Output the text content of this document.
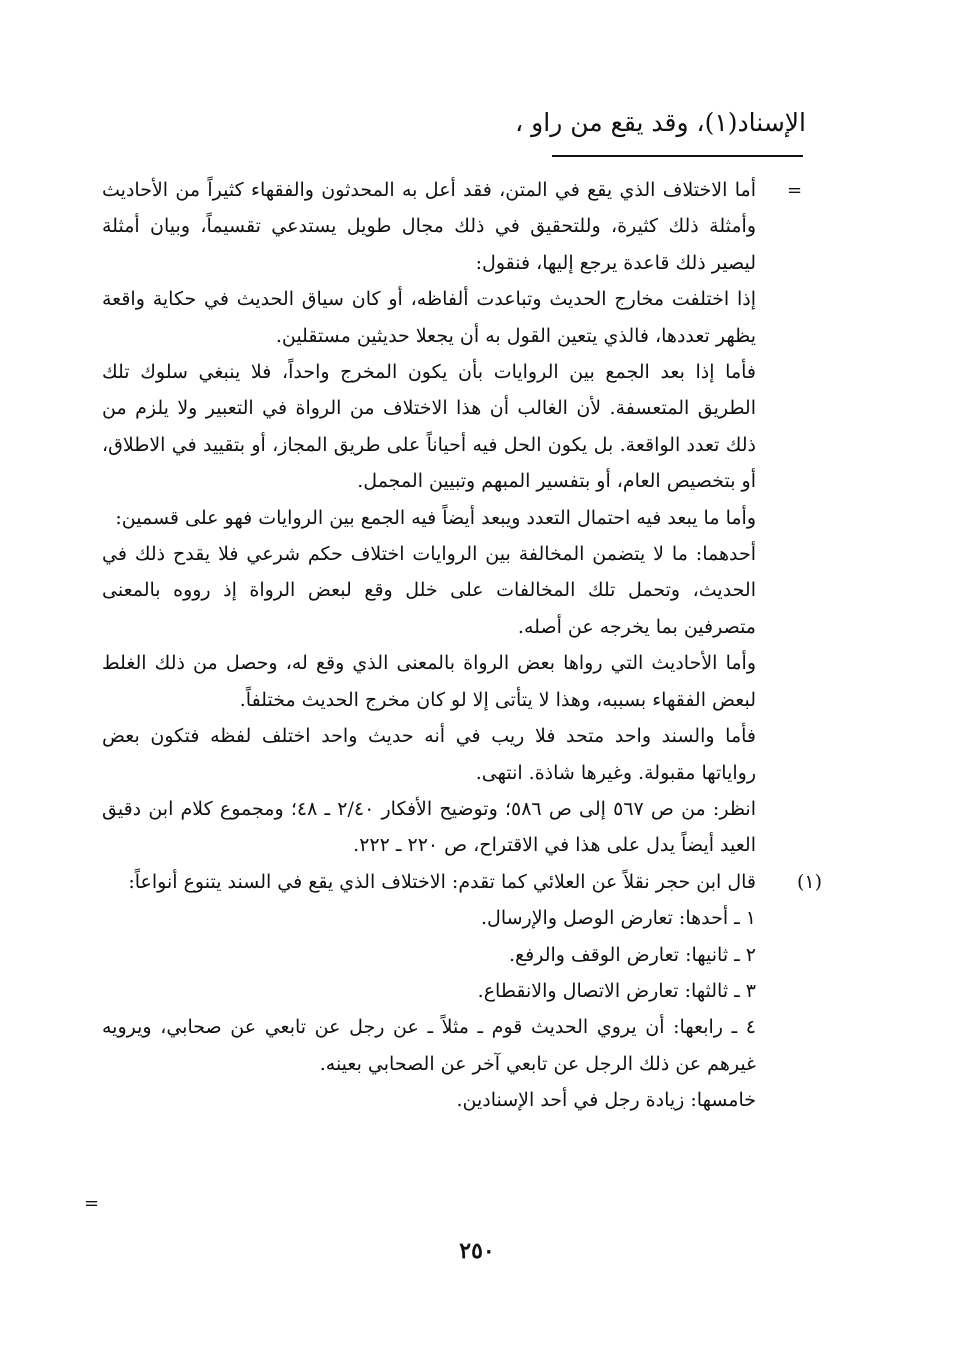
الإسناد(١)، وقد يقع من راو ،
=

أما الاختلاف الذي يقع في المتن، فقد أعل به المحدثون والفقهاء كثيراً من الأحاديث وأمثلة ذلك كثيرة، وللتحقيق في ذلك مجال طويل يستدعي تقسيماً، وبيان أمثلة ليصير ذلك قاعدة يرجع إليها، فنقول:

إذا اختلفت مخارج الحديث وتباعدت ألفاظه، أو كان سياق الحديث في حكاية واقعة يظهر تعددها، فالذي يتعين القول به أن يجعلا حديثين مستقلين.

فأما إذا بعد الجمع بين الروايات بأن يكون المخرج واحداً، فلا ينبغي سلوك تلك الطريق المتعسفة. لأن الغالب أن هذا الاختلاف من الرواة في التعبير ولا يلزم من ذلك تعدد الواقعة. بل يكون الحل فيه أحياناً على طريق المجاز، أو بتقييد في الاطلاق، أو بتخصيص العام، أو بتفسير المبهم وتبيين المجمل.

وأما ما يبعد فيه احتمال التعدد ويبعد أيضاً فيه الجمع بين الروايات فهو على قسمين:

أحدهما: ما لا يتضمن المخالفة بين الروايات اختلاف حكم شرعي فلا يقدح ذلك في الحديث، وتحمل تلك المخالفات على خلل وقع لبعض الرواة إذ رووه بالمعنى متصرفين بما يخرجه عن أصله.

وأما الأحاديث التي رواها بعض الرواة بالمعنى الذي وقع له، وحصل من ذلك الغلط لبعض الفقهاء بسببه، وهذا لا يتأتى إلا لو كان مخرج الحديث مختلفاً.

فأما والسند واحد متحد فلا ريب في أنه حديث واحد اختلف لفظه فتكون بعض رواياتها مقبولة. وغيرها شاذة. انتهى.

انظر: من ص ٥٦٧ إلى ص ٥٨٦؛ وتوضيح الأفكار ٢/٤٠ ـ ٤٨؛ ومجموع كلام ابن دقيق العيد أيضاً يدل على هذا في الاقتراح، ص ٢٢٠ ـ ٢٢٢.

(١)

قال ابن حجر نقلاً عن العلائي كما تقدم: الاختلاف الذي يقع في السند يتنوع أنواعاً:

١ ـ أحدها: تعارض الوصل والإرسال.
٢ ـ ثانيها: تعارض الوقف والرفع.
٣ ـ ثالثها: تعارض الاتصال والانقطاع.

٤ ـ رابعها: أن يروي الحديث قوم ـ مثلاً ـ عن رجل عن تابعي عن صحابي، ويرويه غيرهم عن ذلك الرجل عن تابعي آخر عن الصحابي بعينه.

خامسها: زيادة رجل في أحد الإسنادين.
=
٢٥٠
